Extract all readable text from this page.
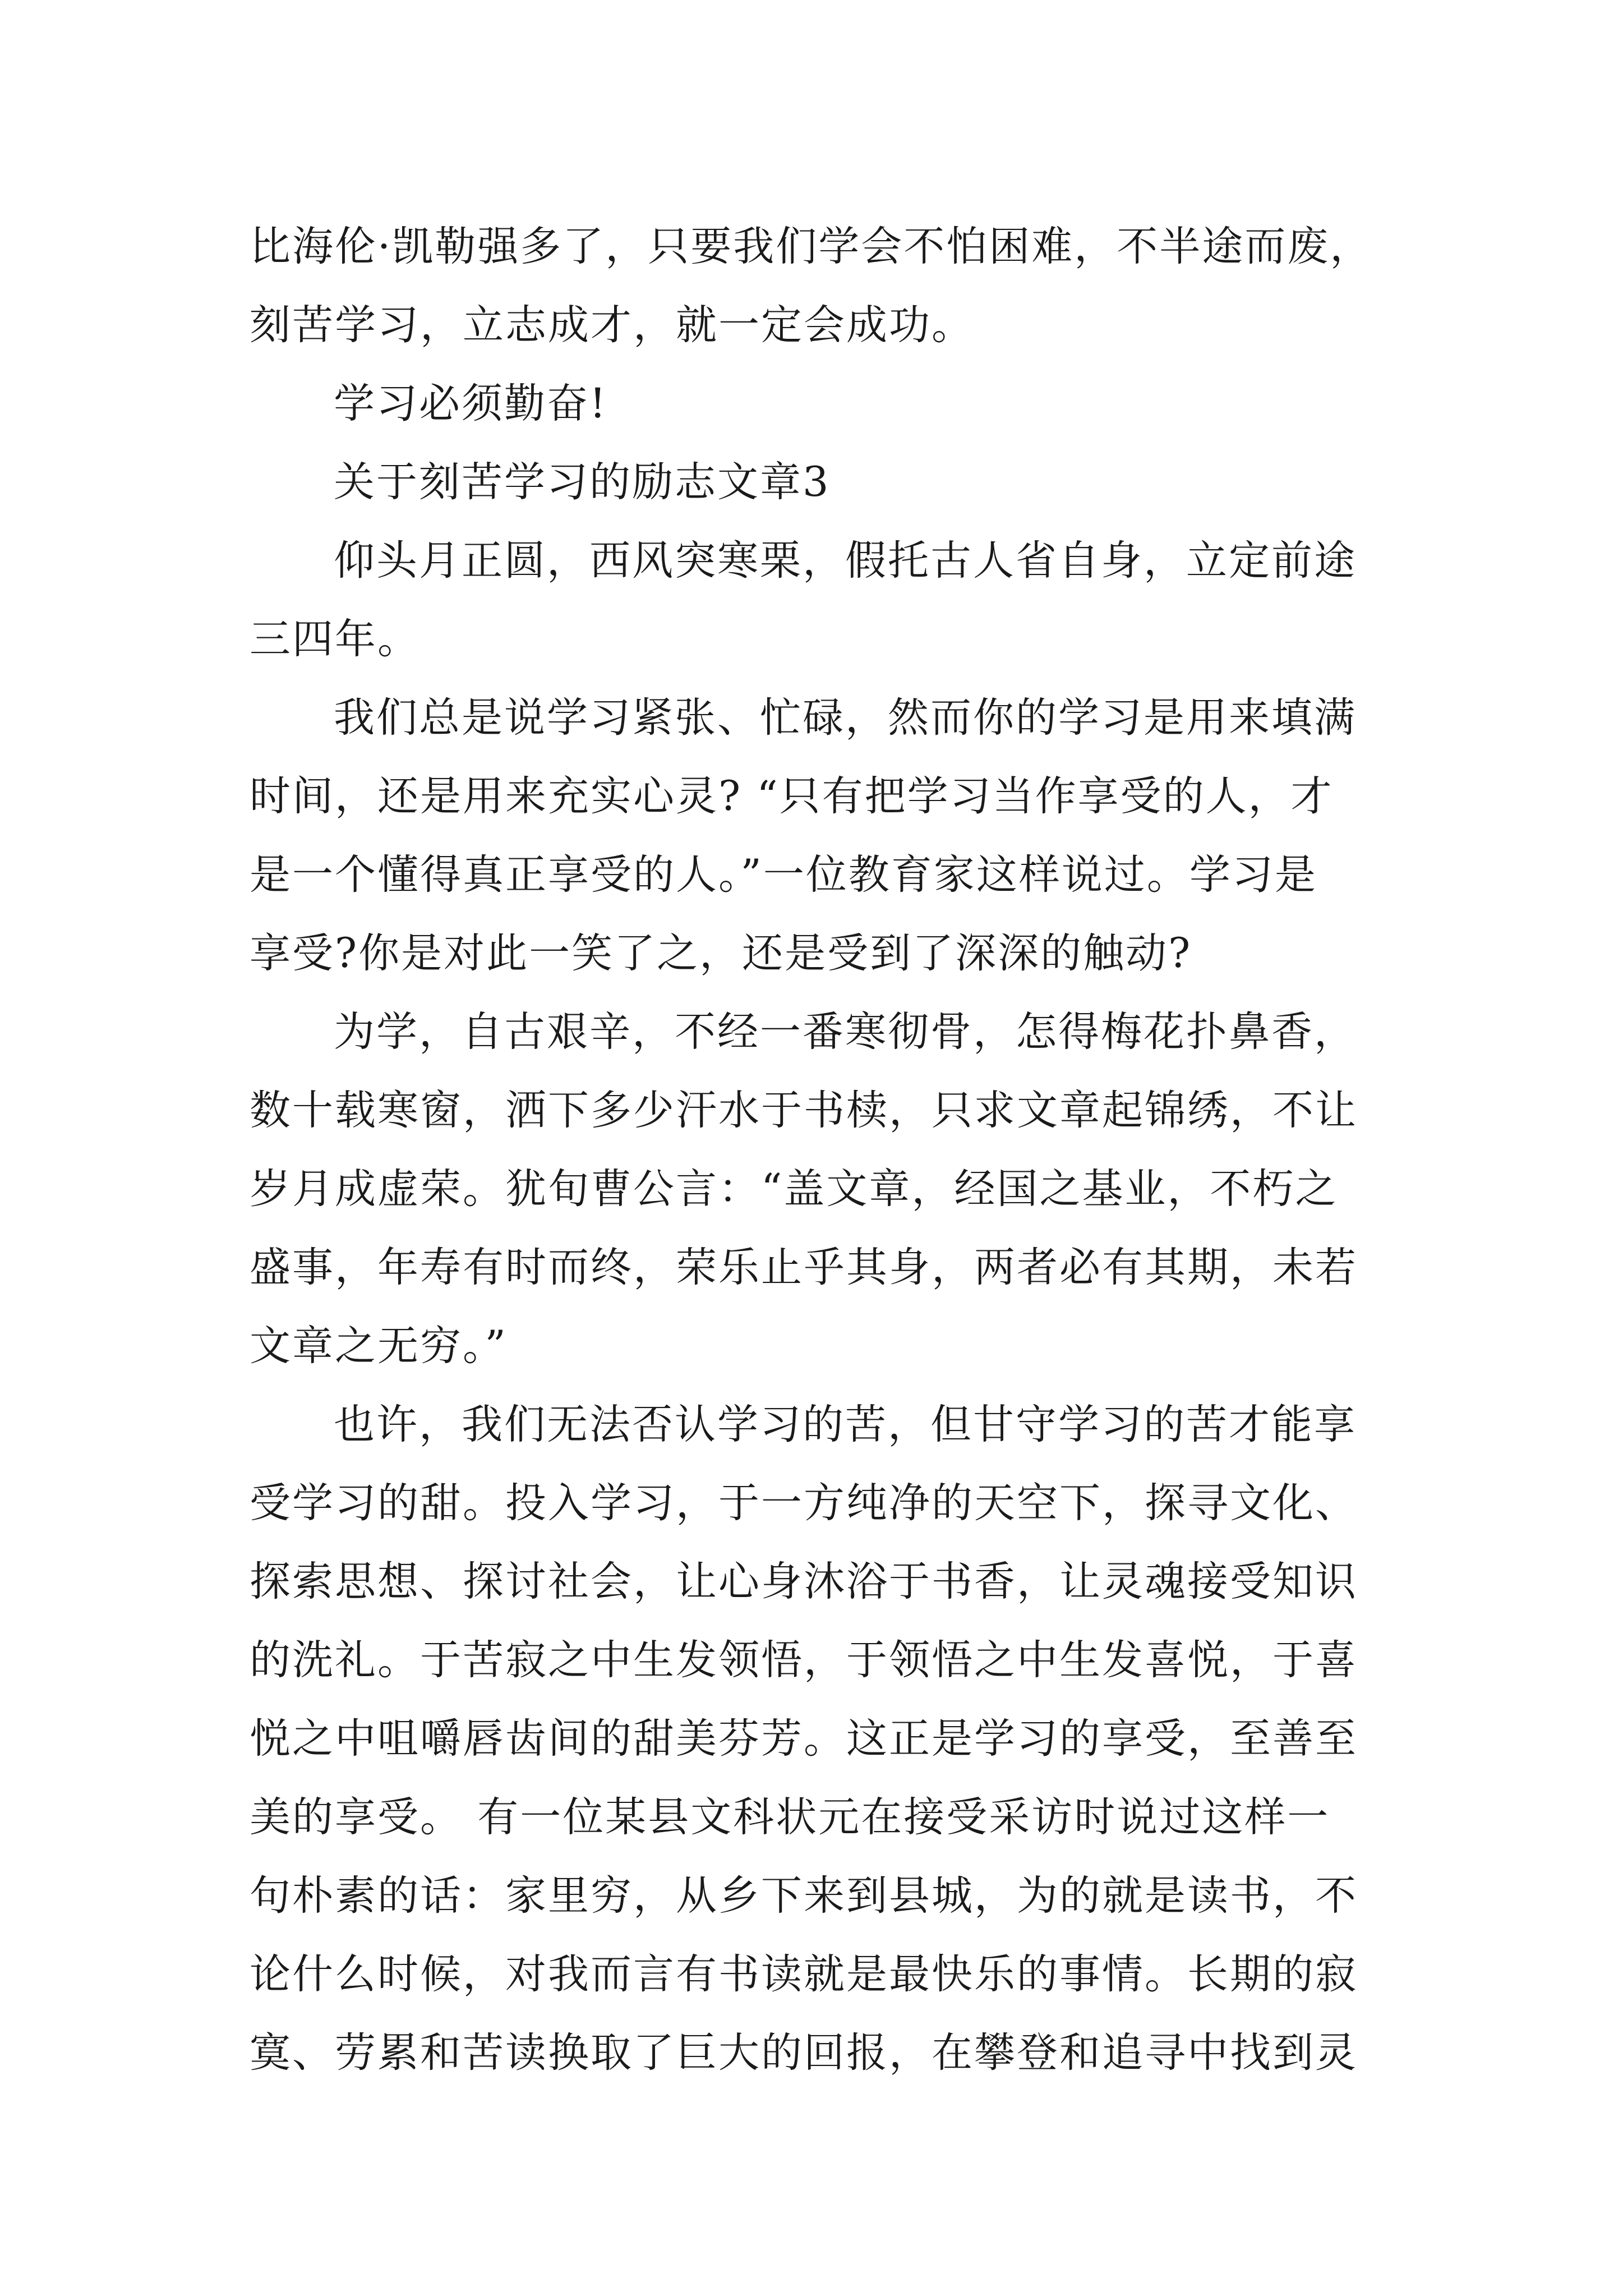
比海伦·凯勒强多了，只要我们学会不怕困难，不半途而废，
刻苦学习，立志成才，就一定会成功。

学习必须勤奋!

关于刻苦学习的励志文章3

仰头月正圆，西风突寒栗，假托古人省自身，立定前途
三四年。

我们总是说学习紧张、忙碌，然而你的学习是用来填满
时间，还是用来充实心灵? “只有把学习当作享受的人，才
是一个懂得真正享受的人。”一位教育家这样说过。学习是
享受?你是对此一笑了之，还是受到了深深的触动?

为学，自古艰辛，不经一番寒彻骨，怎得梅花扑鼻香，
数十载寒窗，洒下多少汗水于书椟，只求文章起锦绣，不让
岁月成虚荣。犹旬曹公言：“盖文章，经国之基业，不朽之
盛事，年寿有时而终，荣乐止乎其身，两者必有其期，未若
文章之无穷。”

也许，我们无法否认学习的苦，但甘守学习的苦才能享
受学习的甜。投入学习，于一方纯净的天空下，探寻文化、
探索思想、探讨社会，让心身沐浴于书香，让灵魂接受知识
的洗礼。于苦寂之中生发领悟，于领悟之中生发喜悦，于喜
悦之中咀嚼唇齿间的甜美芬芳。这正是学习的享受，至善至
美的享受。 有一位某县文科状元在接受采访时说过这样一
句朴素的话：家里穷，从乡下来到县城，为的就是读书，不
论什么时候，对我而言有书读就是最快乐的事情。长期的寂
寞、劳累和苦读换取了巨大的回报，在攀登和追寻中找到灵
